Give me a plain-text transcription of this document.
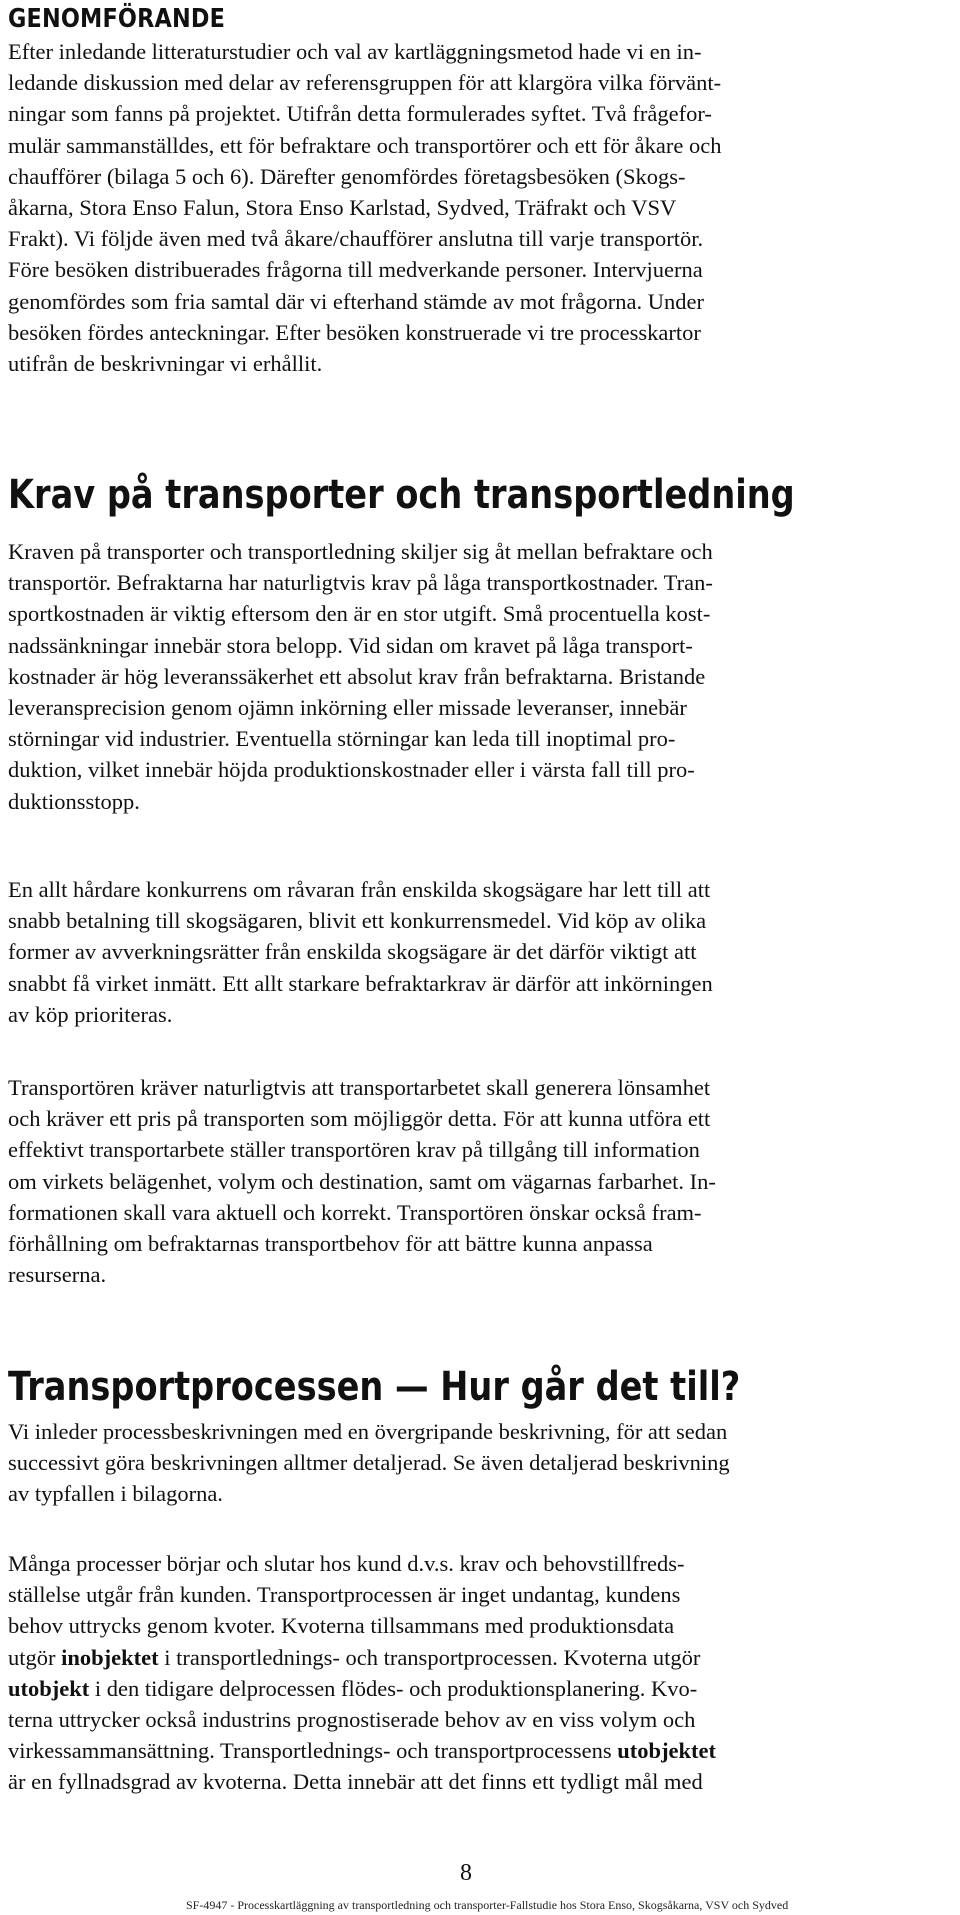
GENOMFÖRANDE
Efter inledande litteraturstudier och val av kartläggningsmetod hade vi en in-
ledande diskussion med delar av referensgruppen för att klargöra vilka förvänt-
ningar som fanns på projektet. Utifrån detta formulerades syftet. Två frågefor-
mulär sammanställdes, ett för befraktare och transportörer och ett för åkare och
chaufförer (bilaga 5 och 6). Därefter genomfördes företagsbesöken (Skogs-
åkarna, Stora Enso Falun, Stora Enso Karlstad, Sydved, Träfrakt och VSV
Frakt). Vi följde även med två åkare/chaufförer anslutna till varje transportör.
Före besöken distribuerades frågorna till medverkande personer. Intervjuerna
genomfördes som fria samtal där vi efterhand stämde av mot frågorna. Under
besöken fördes anteckningar. Efter besöken konstruerade vi tre processkartor
utifrån de beskrivningar vi erhållit.
Krav på transporter och transportledning
Kraven på transporter och transportledning skiljer sig åt mellan befraktare och
transportör. Befraktarna har naturligtvis krav på låga transportkostnader. Tran-
sportkostnaden är viktig eftersom den är en stor utgift. Små procentuella kost-
nadssänkningar innebär stora belopp. Vid sidan om kravet på låga transport-
kostnader är hög leveranssäkerhet ett absolut krav från befraktarna. Bristande
leveransprecision genom ojämn inkörning eller missade leveranser, innebär
störningar vid industrier. Eventuella störningar kan leda till inoptimal pro-
duktion, vilket innebär höjda produktionskostnader eller i värsta fall till pro-
duktionsstopp.
En allt hårdare konkurrens om råvaran från enskilda skogsägare har lett till att
snabb betalning till skogsägaren, blivit ett konkurrensmedel. Vid köp av olika
former av avverkningsrätter från enskilda skogsägare är det därför viktigt att
snabbt få virket inmätt. Ett allt starkare befraktarkrav är därför att inkörningen
av köp prioriteras.
Transportören kräver naturligtvis att transportarbetet skall generera lönsamhet
och kräver ett pris på transporten som möjliggör detta. För att kunna utföra ett
effektivt transportarbete ställer transportören krav på tillgång till information
om virkets belägenhet, volym och destination, samt om vägarnas farbarhet. In-
formationen skall vara aktuell och korrekt. Transportören önskar också fram-
förhållning om befraktarnas transportbehov för att bättre kunna anpassa
resurserna.
Transportprocessen — Hur går det till?
Vi inleder processbeskrivningen med en övergripande beskrivning, för att sedan
successivt göra beskrivningen alltmer detaljerad. Se även detaljerad beskrivning
av typfallen i bilagorna.
Många processer börjar och slutar hos kund d.v.s. krav och behovstillfreds-
ställelse utgår från kunden. Transportprocessen är inget undantag, kundens
behov uttrycks genom kvoter. Kvoterna tillsammans med produktionsdata
utgör inobjektet i transportlednings- och transportprocessen. Kvoterna utgör
utobjekt i den tidigare delprocessen flödes- och produktionsplanering. Kvo-
terna uttrycker också industrins prognostiserade behov av en viss volym och
virkessammansättning. Transportlednings- och transportprocessens utobjektet
är en fyllnadsgrad av kvoterna. Detta innebär att det finns ett tydligt mål med
8
SF-4947 - Processkartläggning av transportledning och transporter-Fallstudie hos Stora Enso, Skogsåkarna, VSV och Sydved
